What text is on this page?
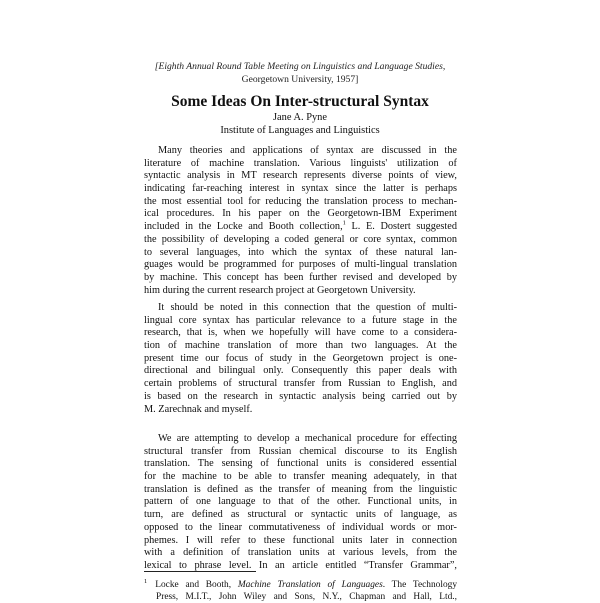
[Eighth Annual Round Table Meeting on Linguistics and Language Studies,
Georgetown University, 1957]
Some Ideas On Inter-structural Syntax
Jane A. Pyne
Institute of Languages and Linguistics
Many theories and applications of syntax are discussed in the
literature of machine translation. Various linguists' utilization of
syntactic analysis in MT research represents diverse points of view,
indicating far-reaching interest in syntax since the latter is perhaps
the most essential tool for reducing the translation process to mechan-
ical procedures. In his paper on the Georgetown-IBM Experiment
included in the Locke and Booth collection,$^1$ L. E. Dostert suggested
the possibility of developing a coded general or core syntax, common
to several languages, into which the syntax of these natural lan-
guages would be programmed for purposes of multi-lingual translation
by machine. This concept has been further revised and developed by
him during the current research project at Georgetown University.
It should be noted in this connection that the question of multi-
lingual core syntax has particular relevance to a future stage in the
research, that is, when we hopefully will have come to a considera-
tion of machine translation of more than two languages. At the
present time our focus of study in the Georgetown project is one-
directional and bilingual only. Consequently this paper deals with
certain problems of structural transfer from Russian to English, and
is based on the research in syntactic analysis being carried out by
M. Zarechnak and myself.
We are attempting to develop a mechanical procedure for effecting
structural transfer from Russian chemical discourse to its English
translation. The sensing of functional units is considered essential
for the machine to be able to transfer meaning adequately, in that
translation is defined as the transfer of meaning from the linguistic
pattern of one language to that of the other. Functional units, in
turn, are defined as structural or syntactic units of language, as
opposed to the linear commutativeness of individual words or mor-
phemes. I will refer to these functional units later in connection
with a definition of translation units at various levels, from the
lexical to phrase level. In an article entitled “Transfer Grammar”,
$^1$ Locke and Booth, Machine Translation of Languages. The Technology
Press, M.I.T., John Wiley and Sons, N.Y., Chapman and Hall, Ltd.,
